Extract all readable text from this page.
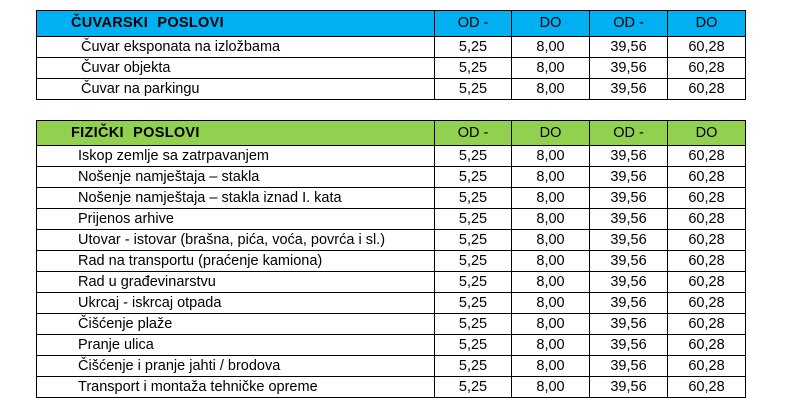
ČUVARSKI POSLOVI	OD -	DO	OD -	DO
Čuvar eksponata na izložbama	5,25	8,00	39,56	60,28
Čuvar objekta	5,25	8,00	39,56	60,28
Čuvar na parkingu	5,25	8,00	39,56	60,28
FIZIČKI POSLOVI	OD -	DO	OD -	DO
Iskop zemlje sa zatrpavanjem	5,25	8,00	39,56	60,28
Nošenje namještaja – stakla	5,25	8,00	39,56	60,28
Nošenje namještaja – stakla iznad I. kata	5,25	8,00	39,56	60,28
Prijenos arhive	5,25	8,00	39,56	60,28
Utovar - istovar (brašna, pića, voća, povrća i sl.)	5,25	8,00	39,56	60,28
Rad na transportu (praćenje kamiona)	5,25	8,00	39,56	60,28
Rad u građevinarstvu	5,25	8,00	39,56	60,28
Ukrcaj - iskrcaj otpada	5,25	8,00	39,56	60,28
Čišćenje plaže	5,25	8,00	39,56	60,28
Pranje ulica	5,25	8,00	39,56	60,28
Čišćenje i pranje jahti / brodova	5,25	8,00	39,56	60,28
Transport i montaža tehničke opreme	5,25	8,00	39,56	60,28
